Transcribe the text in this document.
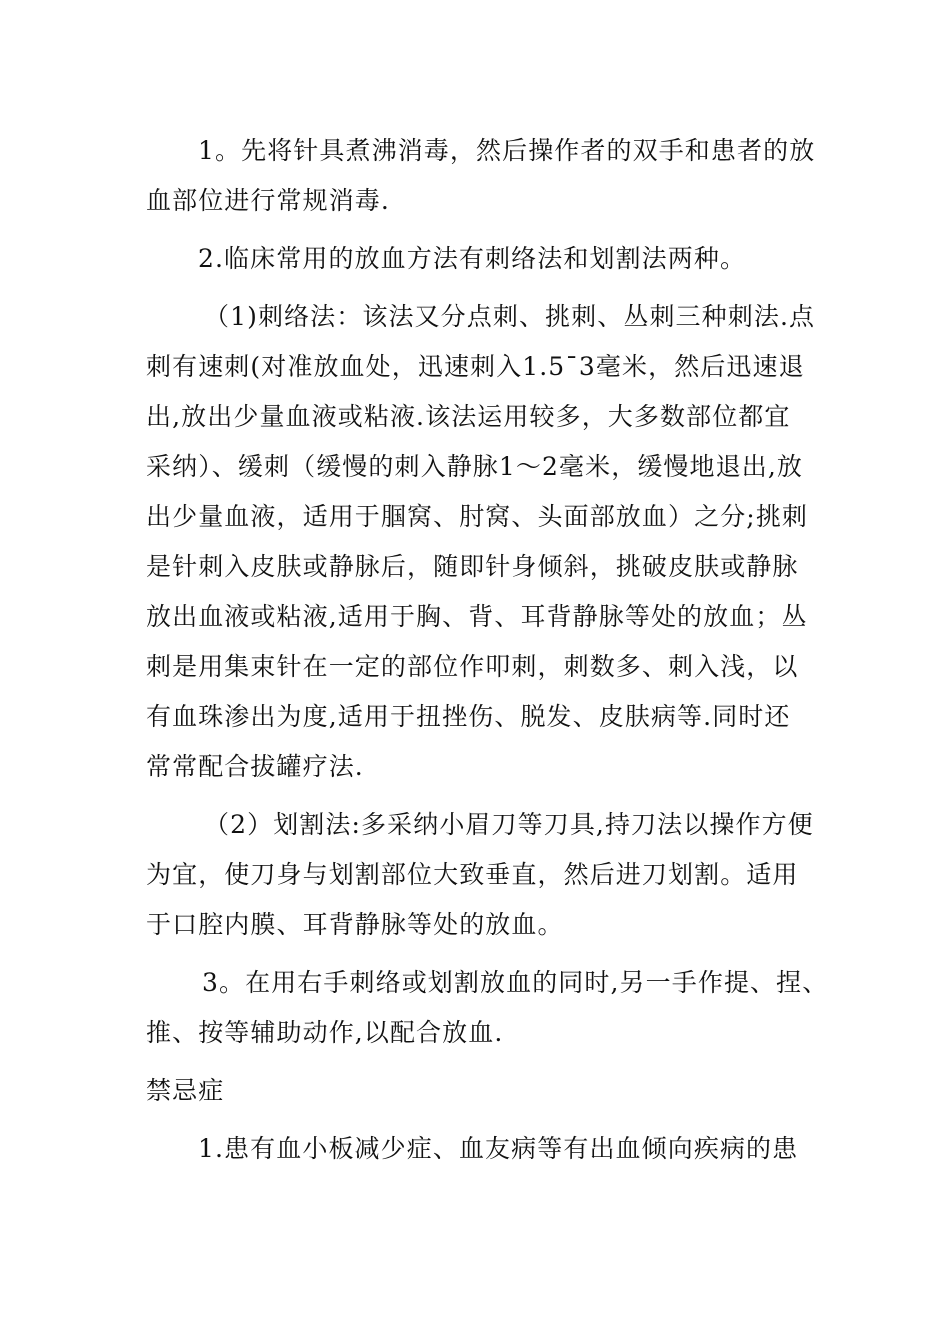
1。先将针具煮沸消毒，然后操作者的双手和患者的放
血部位进行常规消毒.
2.临床常用的放血方法有刺络法和划割法两种。
（1)刺络法：该法又分点刺、挑刺、丛刺三种刺法.点
刺有速刺(对准放血处，迅速刺入1.5¯3毫米，然后迅速退
出,放出少量血液或粘液.该法运用较多，大多数部位都宜
采纳）、缓刺（缓慢的刺入静脉1～2毫米，缓慢地退出,放
出少量血液，适用于腘窝、肘窝、头面部放血）之分;挑刺
是针刺入皮肤或静脉后，随即针身倾斜，挑破皮肤或静脉
放出血液或粘液,适用于胸、背、耳背静脉等处的放血；丛
刺是用集束针在一定的部位作叩刺，刺数多、刺入浅，以
有血珠渗出为度,适用于扭挫伤、脱发、皮肤病等.同时还
常常配合拔罐疗法.
（2）划割法:多采纳小眉刀等刀具,持刀法以操作方便
为宜，使刀身与划割部位大致垂直，然后进刀划割。适用
于口腔内膜、耳背静脉等处的放血。
3。在用右手刺络或划割放血的同时,另一手作提、捏、
推、按等辅助动作,以配合放血.
禁忌症
1.患有血小板减少症、血友病等有出血倾向疾病的患
